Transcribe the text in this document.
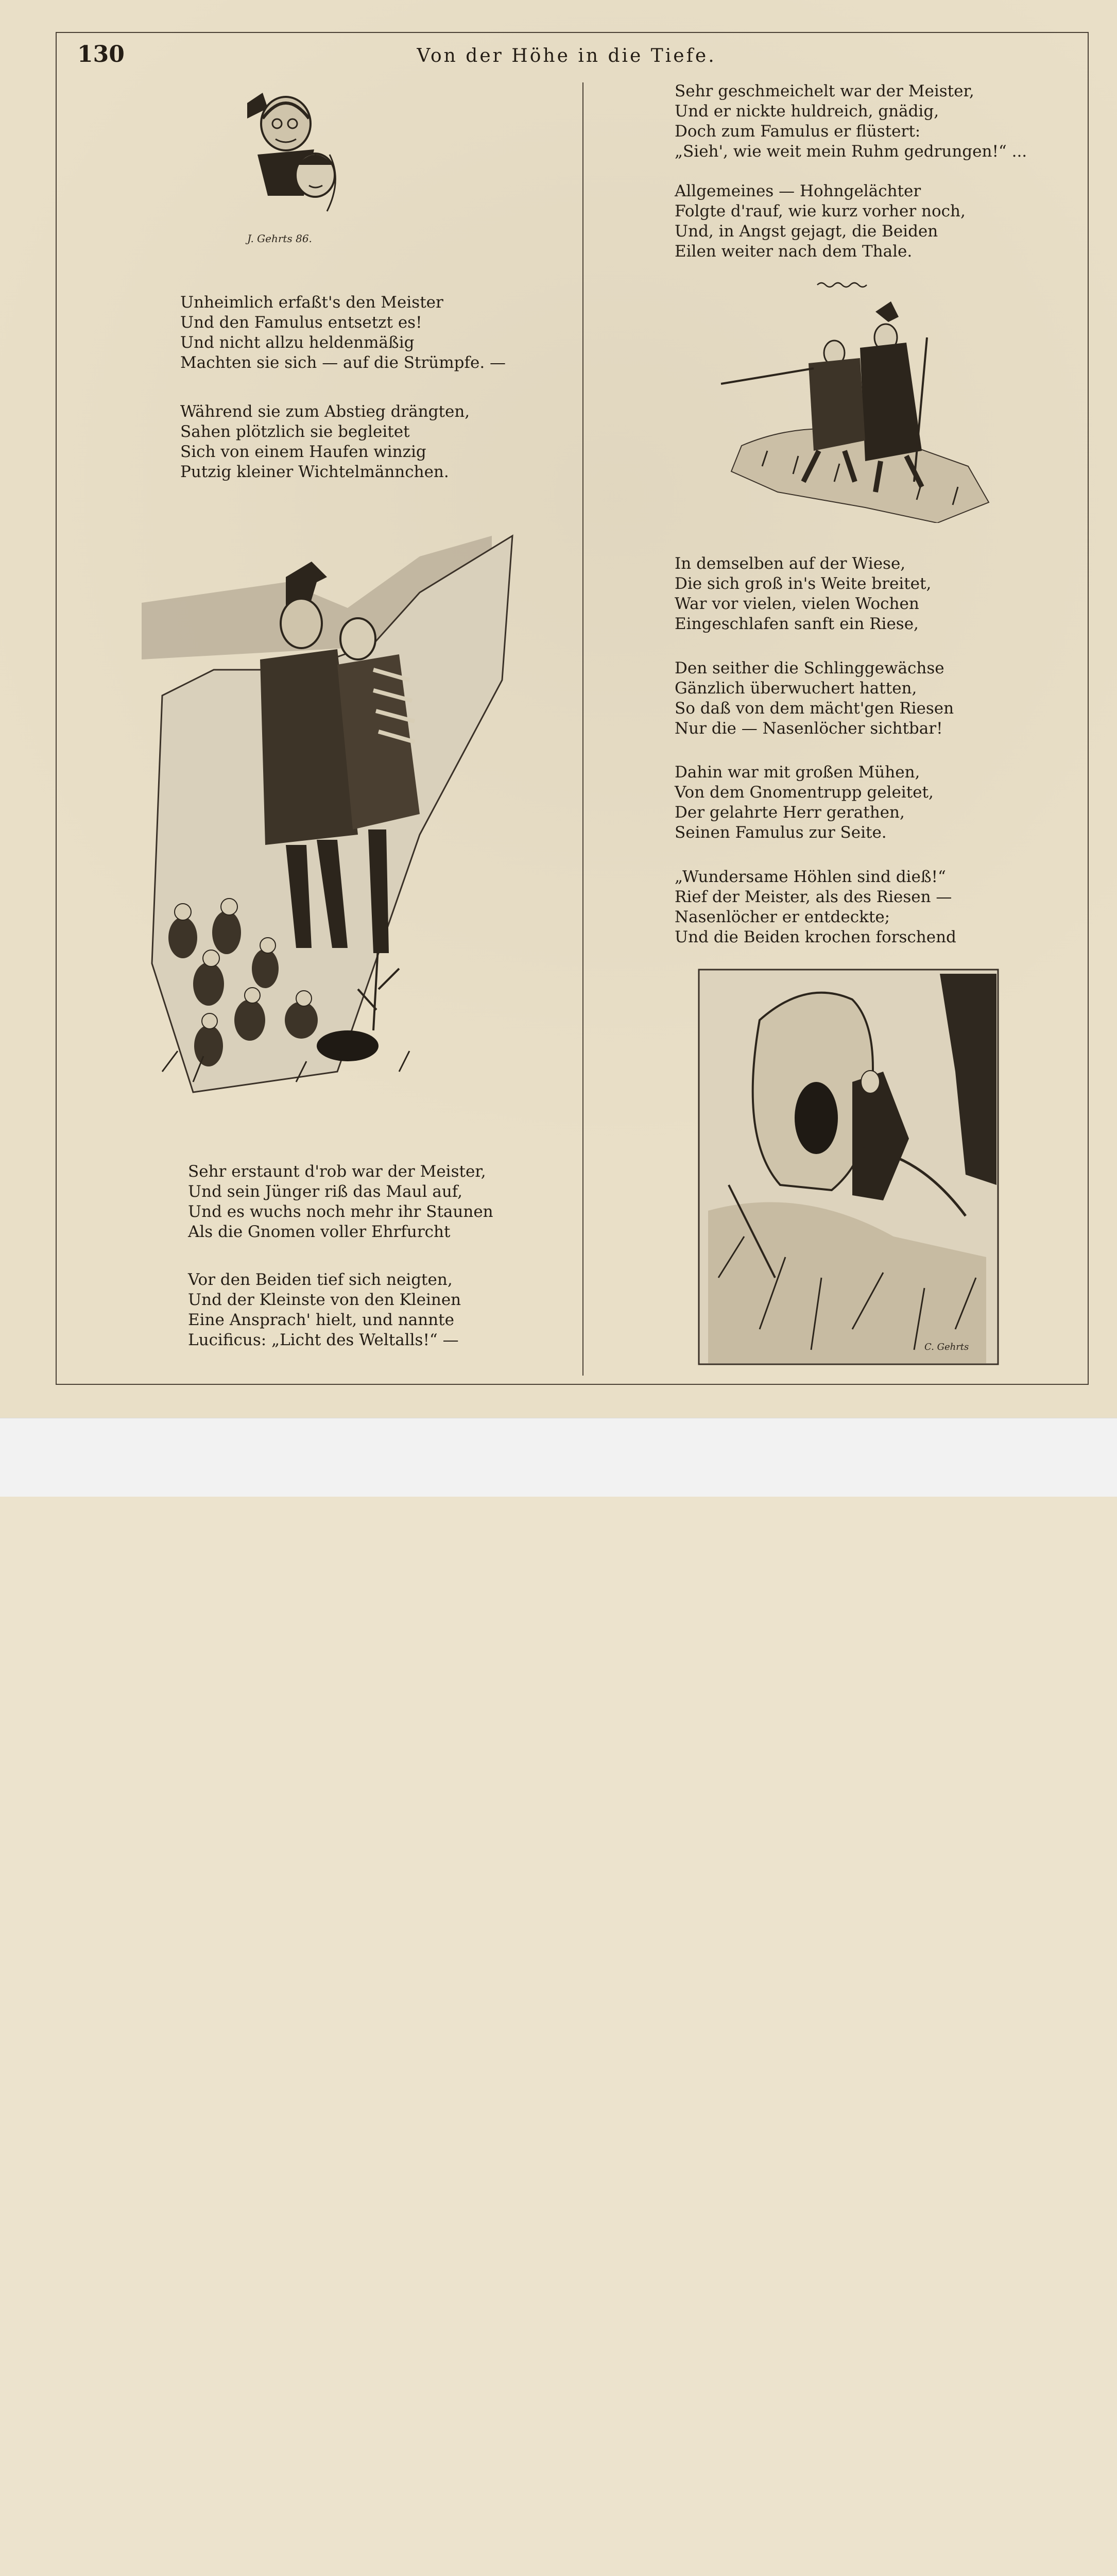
130	Von der Höhe in die Tiefe.
J. Gehrts 86.
C. Gehrts
Unheimlich erfaßt's den Meister
Und den Famulus entsetzt es!
Und nicht allzu heldenmäßig
Machten sie sich — auf die Strümpfe. —
Während sie zum Abstieg drängten,
Sahen plötzlich sie begleitet
Sich von einem Haufen winzig
Putzig kleiner Wichtelmännchen.
Sehr erstaunt d'rob war der Meister,
Und sein Jünger riß das Maul auf,
Und es wuchs noch mehr ihr Staunen
Als die Gnomen voller Ehrfurcht
Vor den Beiden tief sich neigten,
Und der Kleinste von den Kleinen
Eine Ansprach' hielt, und nannte
Lucificus: „Licht des Weltalls!“ —
Sehr geschmeichelt war der Meister,
Und er nickte huldreich, gnädig,
Doch zum Famulus er flüstert:
„Sieh', wie weit mein Ruhm gedrungen!“ ...
Allgemeines — Hohngelächter
Folgte d'rauf, wie kurz vorher noch,
Und, in Angst gejagt, die Beiden
Eilen weiter nach dem Thale.
In demselben auf der Wiese,
Die sich groß in's Weite breitet,
War vor vielen, vielen Wochen
Eingeschlafen sanft ein Riese,
Den seither die Schlinggewächse
Gänzlich überwuchert hatten,
So daß von dem mächt'gen Riesen
Nur die — Nasenlöcher sichtbar!
Dahin war mit großen Mühen,
Von dem Gnomentrupp geleitet,
Der gelahrte Herr gerathen,
Seinen Famulus zur Seite.
„Wundersame Höhlen sind dieß!“
Rief der Meister, als des Riesen —
Nasenlöcher er entdeckte;
Und die Beiden krochen forschend
